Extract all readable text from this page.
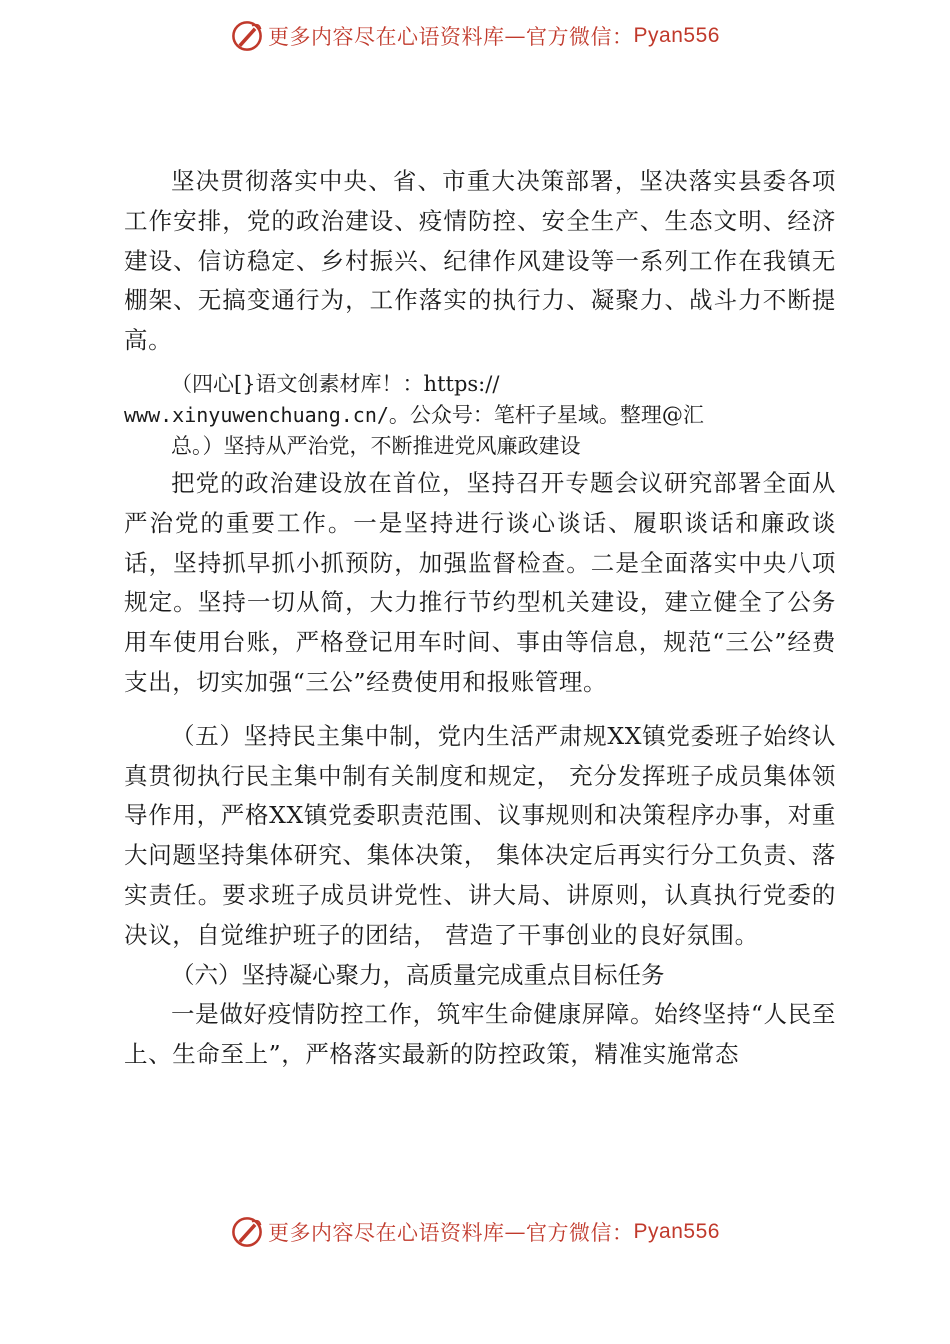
更多内容尽在心语资料库 — 官方微信： Pyan556

坚决贯彻落实中央、省、市重大决策部署，坚决落实县委各项工作安排，党的政治建设、疫情防控、安全生产、生态文明、经济建设、信访稳定、乡村振兴、纪律作风建设等一系列工作在我镇无棚架、无搞变通行为，工作落实的执行力、凝聚力、战斗力不断提高。

（四心[}语文创素材库！：https://
www.xinyuwenchuang.cn/。公众号：笔杆子星域。整理@汇
总。）坚持从严治党，不断推进党风廉政建设

把党的政治建设放在首位，坚持召开专题会议研究部署全面从严治党的重要工作。一是坚持进行谈心谈话、履职谈话和廉政谈话，坚持抓早抓小抓预防，加强监督检查。二是全面落实中央八项规定。坚持一切从简，大力推行节约型机关建设，建立健全了公务用车使用台账，严格登记用车时间、事由等信息，规范“三公”经费支出，切实加强“三公”经费使用和报账管理。

（五）坚持民主集中制，党内生活严肃规XX镇党委班子始终认真贯彻执行民主集中制有关制度和规定， 充分发挥班子成员集体领导作用，严格XX镇党委职责范围、议事规则和决策程序办事，对重大问题坚持集体研究、集体决策， 集体决定后再实行分工负责、落实责任。要求班子成员讲党性、讲大局、讲原则，认真执行党委的决议，自觉维护班子的团结， 营造了干事创业的良好氛围。

（六）坚持凝心聚力，高质量完成重点目标任务

一是做好疫情防控工作，筑牢生命健康屏障。始终坚持“人民至上、生命至上”，严格落实最新的防控政策，精准实施常态

更多内容尽在心语资料库 — 官方微信： Pyan556
